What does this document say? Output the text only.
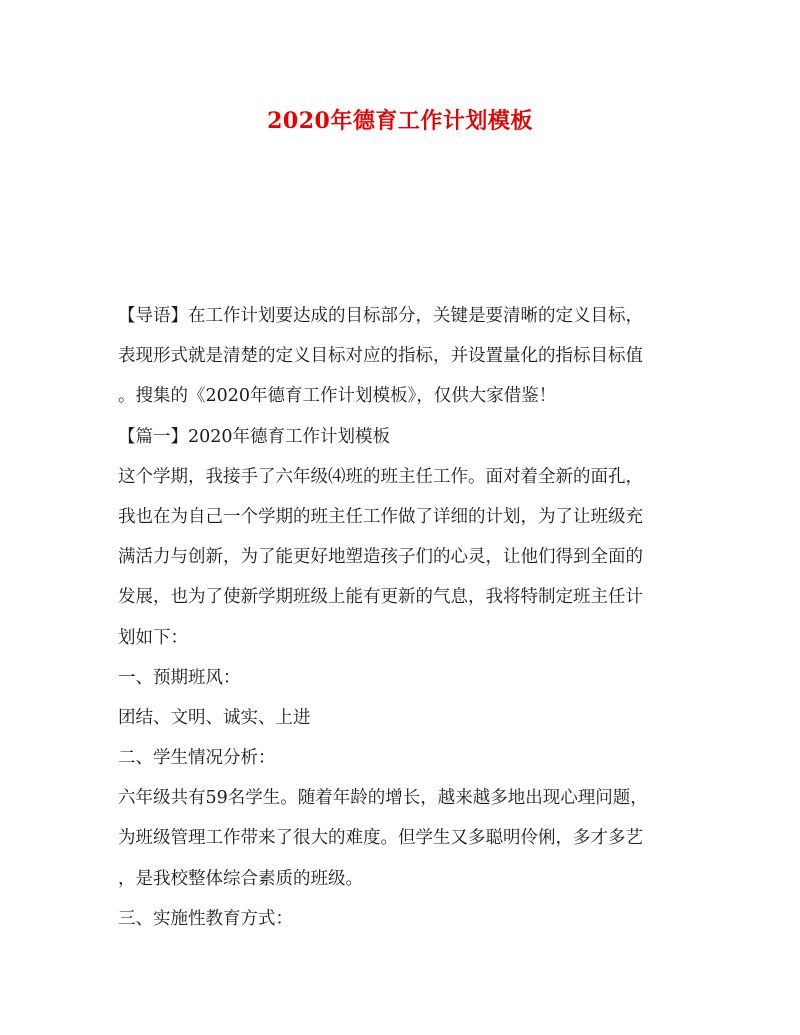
2020年德育工作计划模板
【导语】在工作计划要达成的目标部分，关键是要清晰的定义目标，
表现形式就是清楚的定义目标对应的指标，并设置量化的指标目标值
。搜集的《2020年德育工作计划模板》，仅供大家借鉴！
【篇一】2020年德育工作计划模板
这个学期，我接手了六年级⑷班的班主任工作。面对着全新的面孔，
我也在为自己一个学期的班主任工作做了详细的计划，为了让班级充
满活力与创新，为了能更好地塑造孩子们的心灵，让他们得到全面的
发展，也为了使新学期班级上能有更新的气息，我将特制定班主任计
划如下：
一、预期班风：
团结、文明、诚实、上进
二、学生情况分析：
六年级共有59名学生。随着年龄的增长，越来越多地出现心理问题，
为班级管理工作带来了很大的难度。但学生又多聪明伶俐，多才多艺
，是我校整体综合素质的班级。
三、实施性教育方式：
